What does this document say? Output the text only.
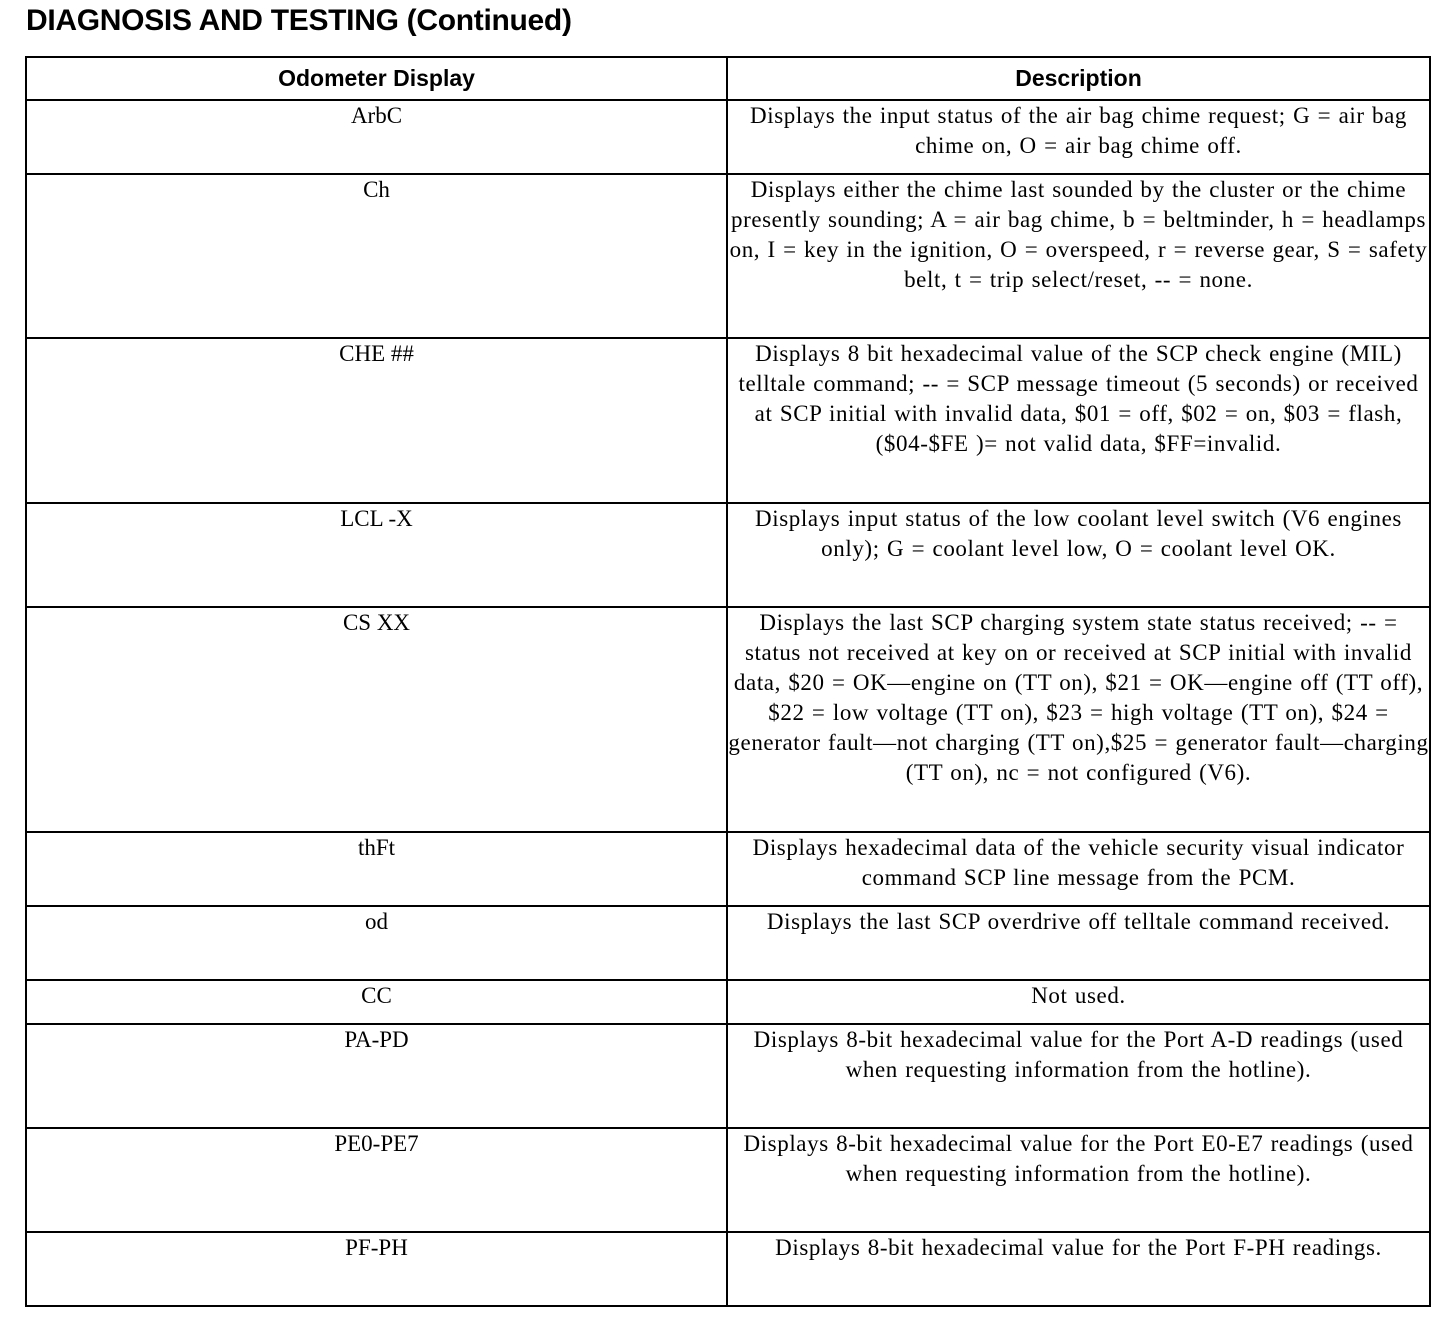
DIAGNOSIS AND TESTING (Continued)
Odometer Display	Description
ArbC	Displays the input status of the air bag chime request; G = air bag chime on, O = air bag chime off.
Ch	Displays either the chime last sounded by the cluster or the chime presently sounding; A = air bag chime, b = beltminder, h = headlamps on, I = key in the ignition, O = overspeed, r = reverse gear, S = safety belt, t = trip select/reset, -- = none.
CHE ##	Displays 8 bit hexadecimal value of the SCP check engine (MIL) telltale command; -- = SCP message timeout (5 seconds) or received at SCP initial with invalid data, $01 = off, $02 = on, $03 = flash, ($04-$FE )= not valid data, $FF=invalid.
LCL -X	Displays input status of the low coolant level switch (V6 engines only); G = coolant level low, O = coolant level OK.
CS XX	Displays the last SCP charging system state status received; -- = status not received at key on or received at SCP initial with invalid data, $20 = OK—engine on (TT on), $21 = OK—engine off (TT off), $22 = low voltage (TT on), $23 = high voltage (TT on), $24 = generator fault—not charging (TT on),$25 = generator fault—charging (TT on), nc = not configured (V6).
thFt	Displays hexadecimal data of the vehicle security visual indicator command SCP line message from the PCM.
od	Displays the last SCP overdrive off telltale command received.
CC	Not used.
PA-PD	Displays 8-bit hexadecimal value for the Port A-D readings (used when requesting information from the hotline).
PE0-PE7	Displays 8-bit hexadecimal value for the Port E0-E7 readings (used when requesting information from the hotline).
PF-PH	Displays 8-bit hexadecimal value for the Port F-PH readings.
